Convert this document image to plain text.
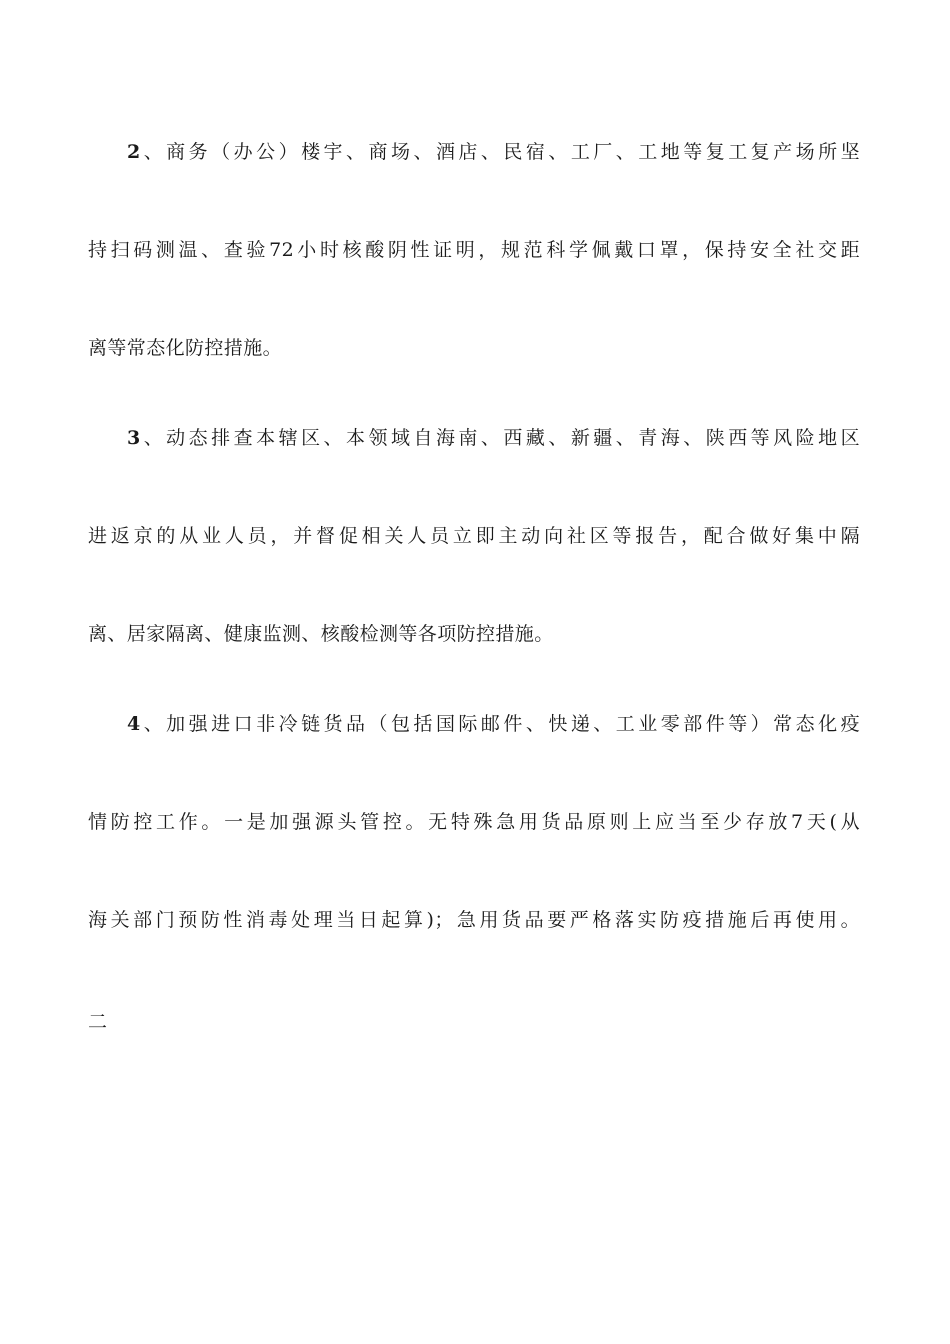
2、商务（办公）楼宇、商场、酒店、民宿、工厂、工地等复工复产场所坚
持扫码测温、查验72小时核酸阴性证明，规范科学佩戴口罩，保持安全社交距
离等常态化防控措施。
3、动态排查本辖区、本领域自海南、西藏、新疆、青海、陕西等风险地区
进返京的从业人员，并督促相关人员立即主动向社区等报告，配合做好集中隔
离、居家隔离、健康监测、核酸检测等各项防控措施。
4、加强进口非冷链货品（包括国际邮件、快递、工业零部件等）常态化疫
情防控工作。一是加强源头管控。无特殊急用货品原则上应当至少存放7天(从
海关部门预防性消毒处理当日起算)；急用货品要严格落实防疫措施后再使用。
二
